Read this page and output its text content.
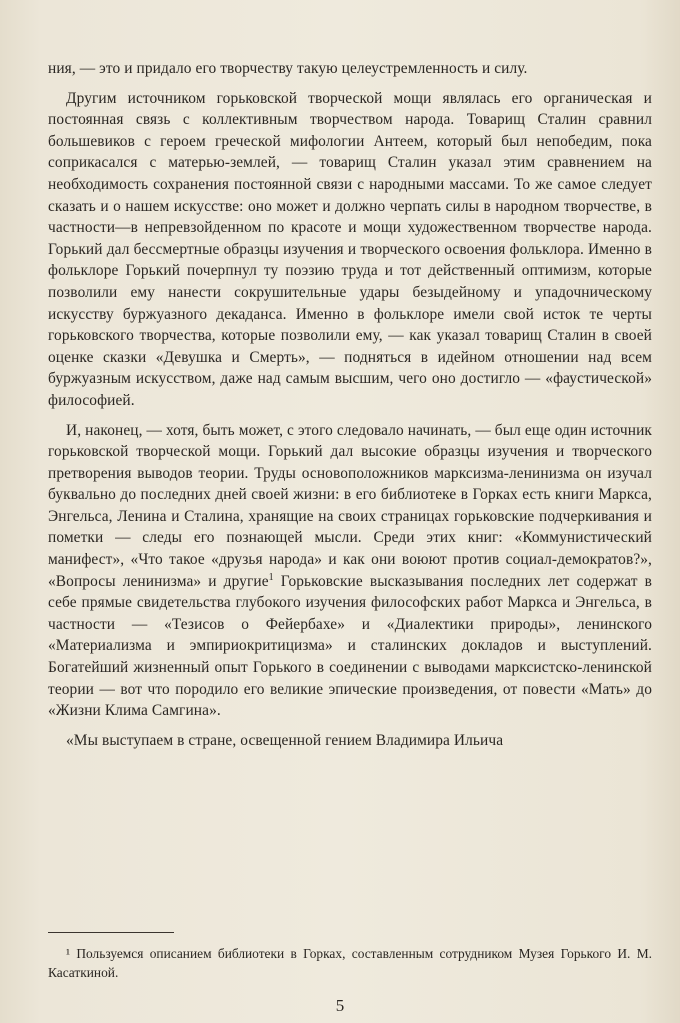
ния, — это и придало его творчеству такую целеустремленность и силу.

Другим источником горьковской творческой мощи являлась его органическая и постоянная связь с коллективным творчеством народа. Товарищ Сталин сравнил большевиков с героем греческой мифологии Антеем, который был непобедим, пока соприкасался с матерью-землей, — товарищ Сталин указал этим сравнением на необходимость сохранения постоянной связи с народными массами. То же самое следует сказать и о нашем искусстве: оно может и должно черпать силы в народном творчестве, в частности—в непревзойденном по красоте и мощи художественном творчестве народа. Горький дал бессмертные образцы изучения и творческого освоения фольклора. Именно в фольклоре Горький почерпнул ту поэзию труда и тот действенный оптимизм, которые позволили ему нанести сокрушительные удары безыдейному и упадочническому искусству буржуазного декаданса. Именно в фольклоре имели свой исток те черты горьковского творчества, которые позволили ему, — как указал товарищ Сталин в своей оценке сказки «Девушка и Смерть», — подняться в идейном отношении над всем буржуазным искусством, даже над самым высшим, чего оно достигло — «фаустической» философией.

И, наконец, — хотя, быть может, с этого следовало начинать, — был еще один источник горьковской творческой мощи. Горький дал высокие образцы изучения и творческого претворения выводов теории. Труды основоположников марксизма-ленинизма он изучал буквально до последних дней своей жизни: в его библиотеке в Горках есть книги Маркса, Энгельса, Ленина и Сталина, хранящие на своих страницах горьковские подчеркивания и пометки — следы его познающей мысли. Среди этих книг: «Коммунистический манифест», «Что такое «друзья народа» и как они воюют против социал-демократов?», «Вопросы ленинизма» и другие$^1$ Горьковские высказывания последних лет содержат в себе прямые свидетельства глубокого изучения философских работ Маркса и Энгельса, в частности — «Тезисов о Фейербахе» и «Диалектики природы», ленинского «Материализма и эмпириокритицизма» и сталинских докладов и выступлений. Богатейший жизненный опыт Горького в соединении с выводами марксистско-ленинской теории — вот что породило его великие эпические произведения, от повести «Мать» до «Жизни Клима Самгина».

«Мы выступаем в стране, освещенной гением Владимира Ильича

¹ Пользуемся описанием библиотеки в Горках, составленным сотрудником Музея Горького И. М. Касаткиной.

5
